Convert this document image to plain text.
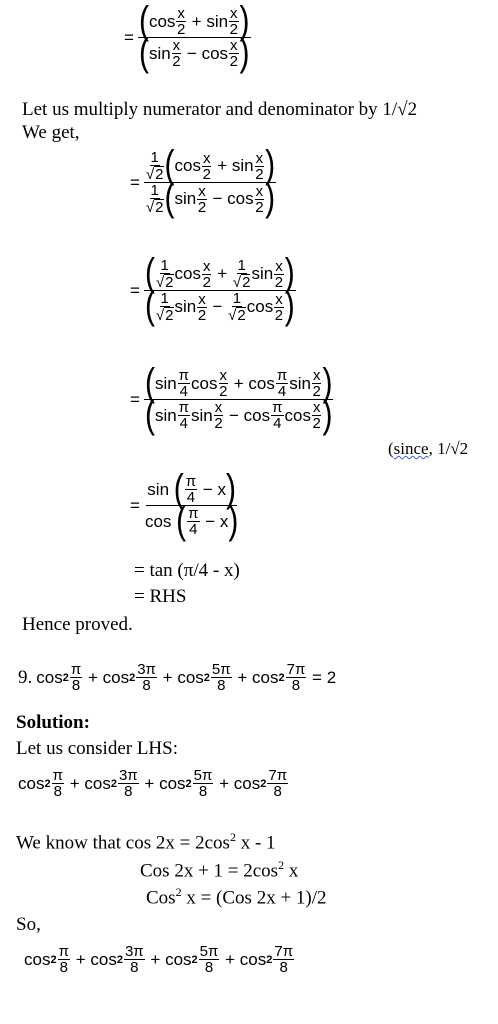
= ( cos x
2
+
sin x
2 )
( sin x
2
−
cos x
2 )
Let us multiply numerator and denominator by 1/√2
We get,
= 1
√2 ( cos x
2
+
sin x
2 )
1
√2 ( sin x
2
−
cos x
2 )
= ( 1
√2 cos x
2
+
$\frac{1}{√2}$ sin x
2 )
( 1
√2 sin x
2
−
$\frac{1}{√2}$ cos x
2 )
= ( sin π
4 cos x
2
+
cos π
4 sin x
2 )
( sin π
4 sin x
2
−
cos π
4 cos x
2 )
(since, 1/√2
= sin
( π
4
−
x )
cos
( π
4
−
x )
= tan (π/4 - x)
= RHS
Hence proved.
9. cos 2 π
8
+
cos 2 3π
8
+
cos 2 5π
8
+
$\cos 2 \frac{7\pi}{8}$
= 2
Solution:
Let us consider LHS:
cos 2 π
8
+
cos 2 3π
8
+
cos 2 5π
8
+
cos 2 7π
8
We know that $\cos 2x = 2\cos^2$ x - 1
Cos $2x + 1 = 2\cos^2$ x
Cos$^2$ x = (Cos 2x + 1)/2
So,
cos 2 π
8
+
cos 2 3π
8
+
cos 2 5π
8
+
cos 2 7π
8
